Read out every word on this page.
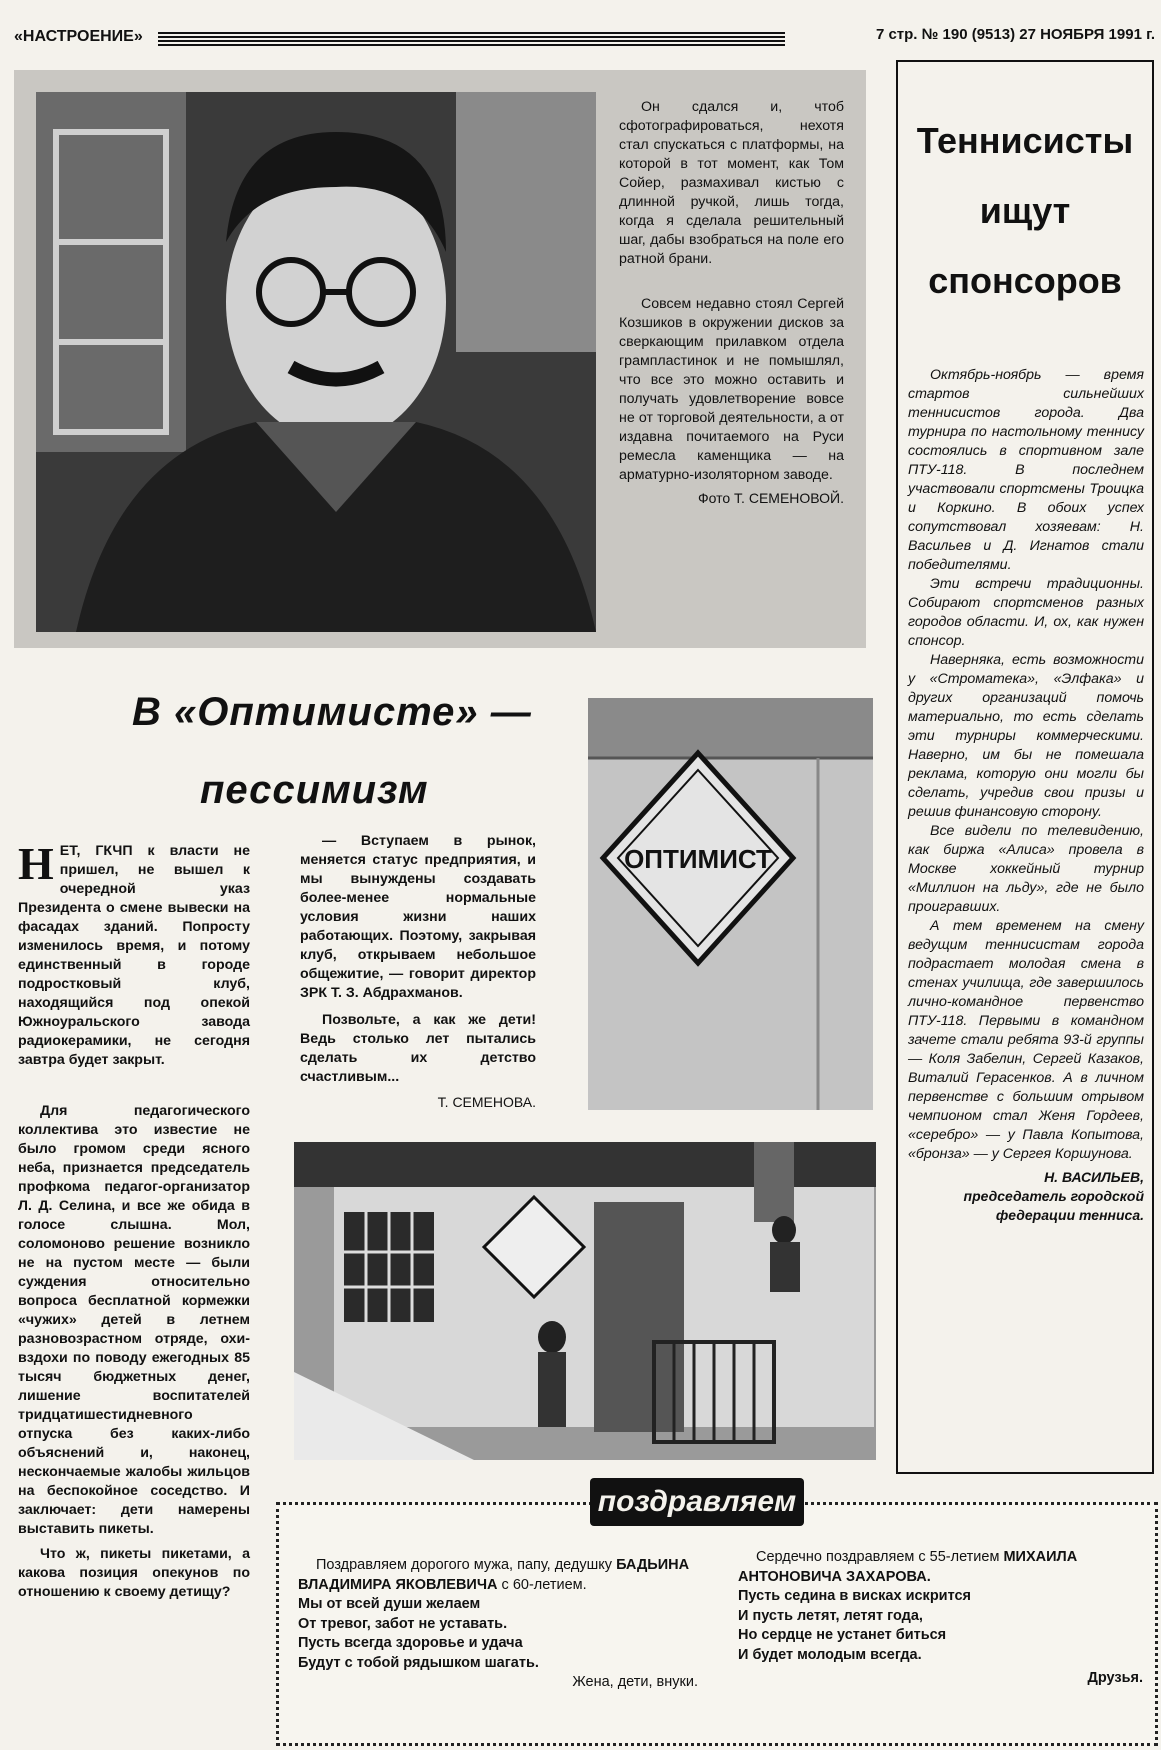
«НАСТРОЕНИЕ»	7 стр. № 190 (9513) 27 НОЯБРЯ 1991 г.

Он сдался и, чтоб сфотографироваться, нехотя стал спускаться с платформы, на которой в тот момент, как Том Сойер, размахивал кистью с длинной ручкой, лишь тогда, когда я сделала решительный шаг, дабы взобраться на поле его ратной брани.

Совсем недавно стоял Сергей Козшиков в окружении дисков за сверкающим прилавком отдела грампластинок и не помышлял, что все это можно оставить и получать удовлетворение вовсе не от торговой деятельности, а от издавна почитаемого на Руси ремесла каменщика — на арматурно-изоляторном заводе.

Фото Т. СЕМЕНОВОЙ.
В «Оптимисте» —
пессимизм
ОПТИМИСТ

НЕТ, ГКЧП к власти не пришел, не вышел к очередной указ Президента о смене вывески на фасадах зданий. Попросту изменилось время, и потому единственный в городе подростковый клуб, находящийся под опекой Южноуральского завода радиокерамики, не сегодня завтра будет закрыт.

Для педагогического коллектива это известие не было громом среди ясного неба, признается председатель профкома педагог-организатор Л. Д. Селина, и все же обида в голосе слышна. Мол, соломоново решение возникло не на пустом месте — были суждения относительно вопроса бесплатной кормежки «чужих» детей в летнем разновозрастном отряде, охи-вздохи по поводу ежегодных 85 тысяч бюджетных денег, лишение воспитателей тридцатишестидневного отпуска без каких-либо объяснений и, наконец, нескончаемые жалобы жильцов на беспокойное соседство. И заключает: дети намерены выставить пикеты.

Что ж, пикеты пикетами, а какова позиция опекунов по отношению к своему детищу?

— Вступаем в рынок, меняется статус предприятия, и мы вынуждены создавать более-менее нормальные условия жизни наших работающих. Поэтому, закрывая клуб, открываем небольшое общежитие, — говорит директор ЗРК Т. З. Абдрахманов.

Позвольте, а как же дети! Ведь столько лет пытались сделать их детство счастливым...

Т. СЕМЕНОВА.
Теннисисты
ищут
спонсоров

Октябрь-ноябрь — время стартов сильнейших теннисистов города. Два турнира по настольному теннису состоялись в спортивном зале ПТУ-118. В последнем участвовали спортсмены Троицка и Коркино. В обоих успех сопутствовал хозяевам: Н. Васильев и Д. Игнатов стали победителями.

Эти встречи традиционны. Собирают спортсменов разных городов области. И, ох, как нужен спонсор.

Наверняка, есть возможности у «Строматека», «Элфака» и других организаций помочь материально, то есть сделать эти турниры коммерческими. Наверно, им бы не помешала реклама, которую они могли бы сделать, учредив свои призы и решив финансовую сторону.

Все видели по телевидению, как биржа «Алиса» провела в Москве хоккейный турнир «Миллион на льду», где не было проигравших.

А тем временем на смену ведущим теннисистам города подрастает молодая смена в стенах училища, где завершилось лично-командное первенство ПТУ-118. Первыми в командном зачете стали ребята 93-й группы — Коля Забелин, Сергей Казаков, Виталий Герасенков. А в личном первенстве с большим отрывом чемпионом стал Женя Гордеев, «серебро» — у Павла Копытова, «бронза» — у Сергея Коршунова.

Н. ВАСИЛЬЕВ,
председатель городской федерации тенниса.
поздравляем
Поздравляем дорогого мужа, папу, дедушку БАДЬИНА ВЛАДИМИРА ЯКОВЛЕВИЧА с 60-летием.
Мы от всей души желаем
От тревог, забот не уставать.
Пусть всегда здоровье и удача
Будут с тобой рядышком шагать.
Жена, дети, внуки.
Сердечно поздравляем с 55-летием МИХАИЛА АНТОНОВИЧА ЗАХАРОВА.
Пусть седина в висках искрится
И пусть летят, летят года,
Но сердце не устанет биться
И будет молодым всегда.
Друзья.
